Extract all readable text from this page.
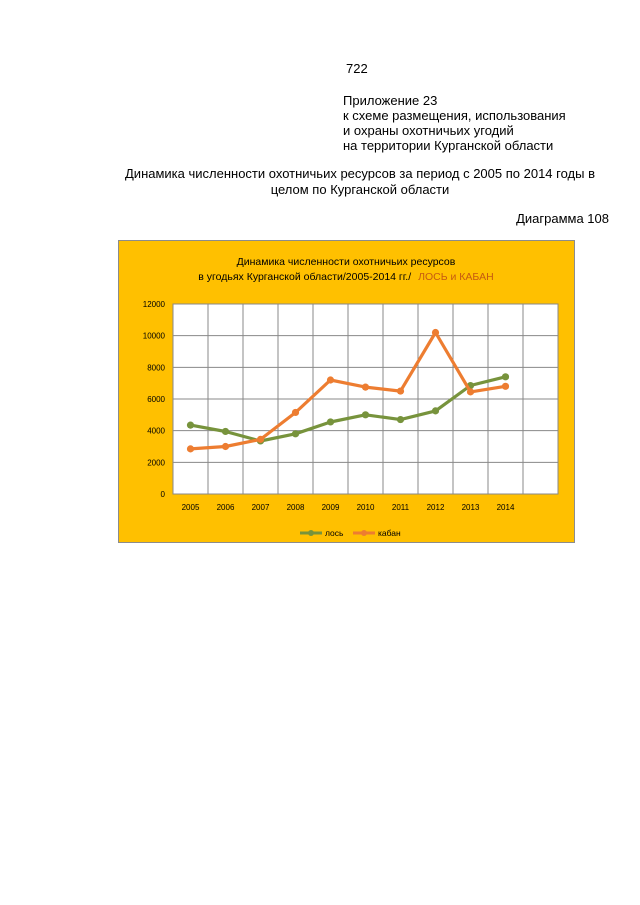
722
Приложение 23
к схеме размещения, использования
и охраны охотничьих угодий
на территории Курганской области
Динамика численности охотничьих ресурсов за период с 2005 по 2014 годы в
целом по Курганской области
Диаграмма 108
0
2000
4000
6000
8000
10000
12000
2005 2006 2007 2008 2009 2010 2011 2012 2013 2014
Динамика численности охотничьих ресурсов
в угодьях Курганской области/2005-2014 гг./ ЛОСЬ и КАБАН
лось	кабан
